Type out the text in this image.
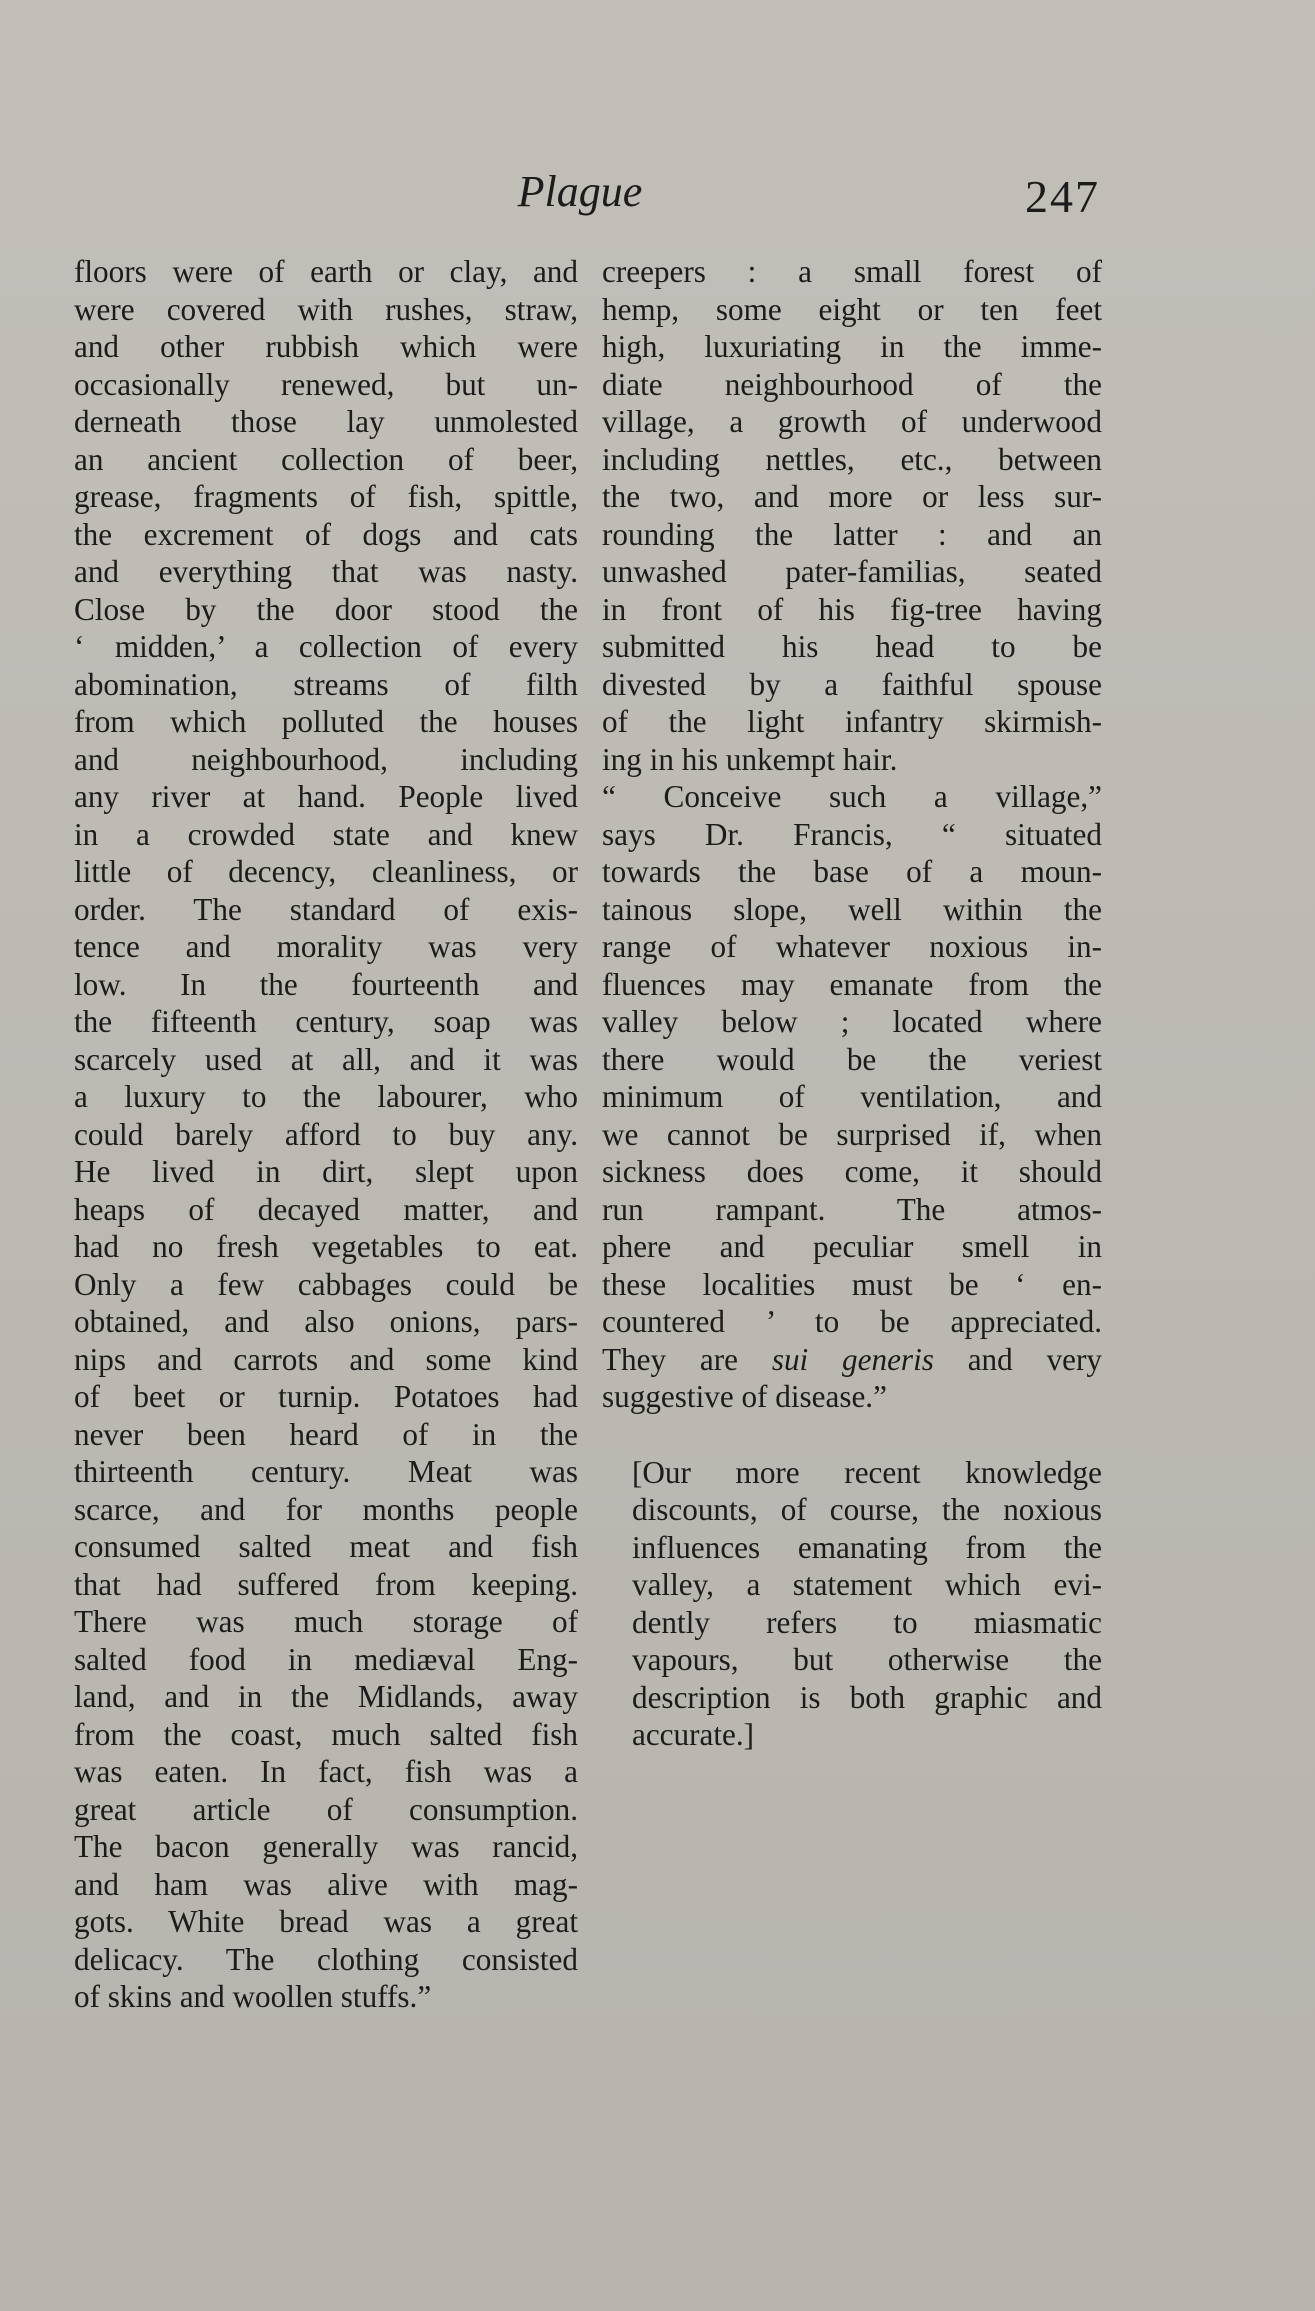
Plague	247
floors were of earth or clay, and
were covered with rushes, straw,
and other rubbish which were
occasionally renewed, but un-
derneath those lay unmolested
an ancient collection of beer,
grease, fragments of fish, spittle,
the excrement of dogs and cats
and everything that was nasty.
Close by the door stood the
‘ midden,’ a collection of every
abomination, streams of filth
from which polluted the houses
and neighbourhood, including
any river at hand. People lived
in a crowded state and knew
little of decency, cleanliness, or
order. The standard of exis-
tence and morality was very
low. In the fourteenth and
the fifteenth century, soap was
scarcely used at all, and it was
a luxury to the labourer, who
could barely afford to buy any.
He lived in dirt, slept upon
heaps of decayed matter, and
had no fresh vegetables to eat.
Only a few cabbages could be
obtained, and also onions, pars-
nips and carrots and some kind
of beet or turnip. Potatoes had
never been heard of in the
thirteenth century. Meat was
scarce, and for months people
consumed salted meat and fish
that had suffered from keeping.
There was much storage of
salted food in mediæval Eng-
land, and in the Midlands, away
from the coast, much salted fish
was eaten. In fact, fish was a
great article of consumption.
The bacon generally was rancid,
and ham was alive with mag-
gots. White bread was a great
delicacy. The clothing consisted
of skins and woollen stuffs.”

creepers : a small forest of
hemp, some eight or ten feet
high, luxuriating in the imme-
diate neighbourhood of the
village, a growth of underwood
including nettles, etc., between
the two, and more or less sur-
rounding the latter : and an
unwashed pater-familias, seated
in front of his fig-tree having
submitted his head to be
divested by a faithful spouse
of the light infantry skirmish-
ing in his unkempt hair.

“ Conceive such a village,”
says Dr. Francis, “ situated
towards the base of a moun-
tainous slope, well within the
range of whatever noxious in-
fluences may emanate from the
valley below ; located where
there would be the veriest
minimum of ventilation, and
we cannot be surprised if, when
sickness does come, it should
run rampant. The atmos-
phere and peculiar smell in
these localities must be ‘ en-
countered ’ to be appreciated.
They are sui generis and very
suggestive of disease.”

[Our more recent knowledge
discounts, of course, the noxious
influences emanating from the
valley, a statement which evi-
dently refers to miasmatic
vapours, but otherwise the
description is both graphic and
accurate.]
